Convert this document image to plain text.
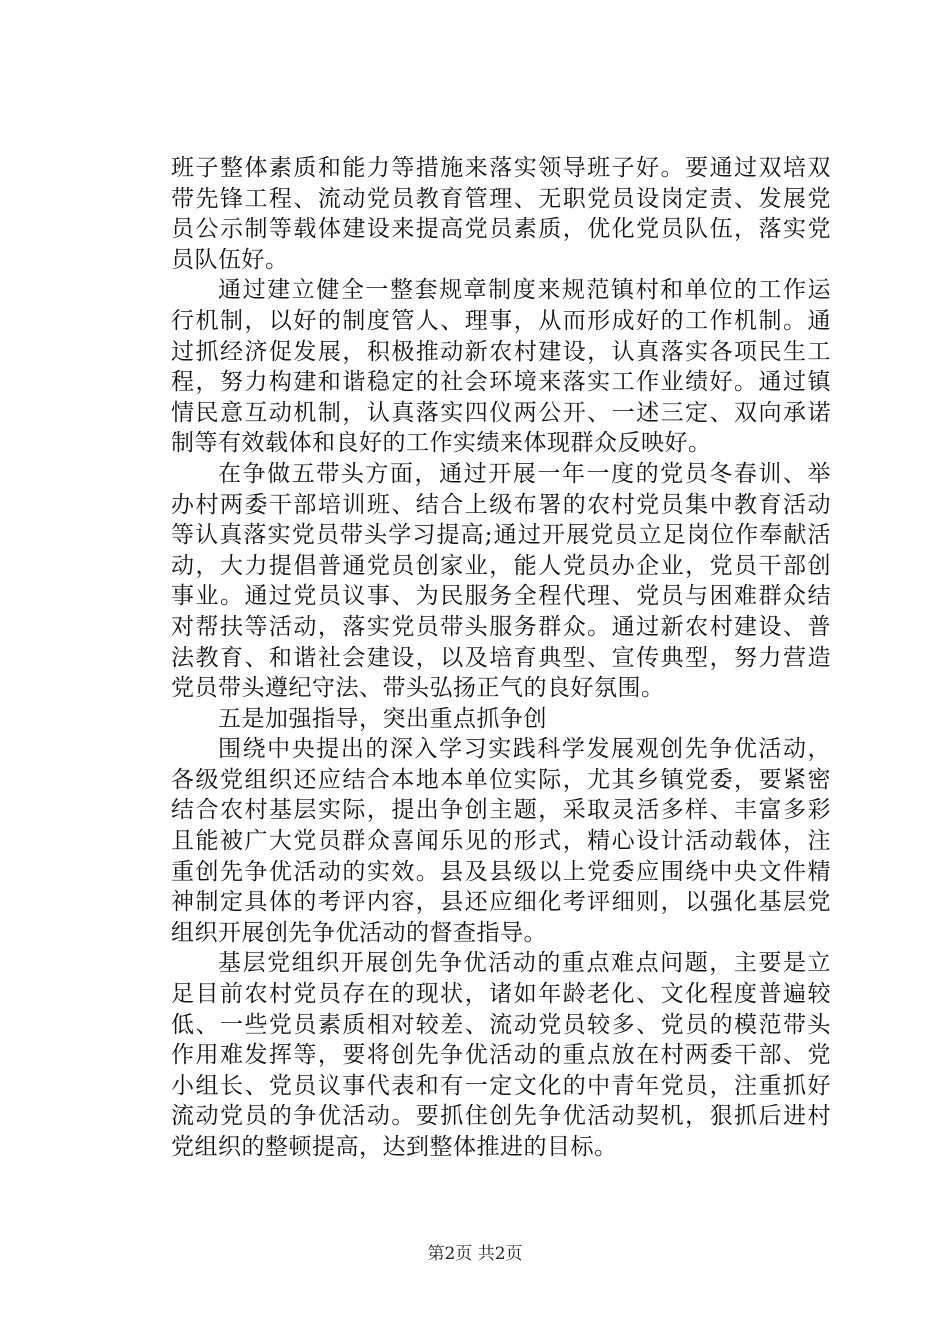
班子整体素质和能力等措施来落实领导班子好。要通过双培双
带先锋工程、流动党员教育管理、无职党员设岗定责、发展党
员公示制等载体建设来提高党员素质，优化党员队伍，落实党
员队伍好。
通过建立健全一整套规章制度来规范镇村和单位的工作运
行机制，以好的制度管人、理事，从而形成好的工作机制。通
过抓经济促发展，积极推动新农村建设，认真落实各项民生工
程，努力构建和谐稳定的社会环境来落实工作业绩好。通过镇
情民意互动机制，认真落实四仪两公开、一述三定、双向承诺
制等有效载体和良好的工作实绩来体现群众反映好。
在争做五带头方面，通过开展一年一度的党员冬春训、举
办村两委干部培训班、结合上级布署的农村党员集中教育活动
等认真落实党员带头学习提高;通过开展党员立足岗位作奉献活
动，大力提倡普通党员创家业，能人党员办企业，党员干部创
事业。通过党员议事、为民服务全程代理、党员与困难群众结
对帮扶等活动，落实党员带头服务群众。通过新农村建设、普
法教育、和谐社会建设，以及培育典型、宣传典型，努力营造
党员带头遵纪守法、带头弘扬正气的良好氛围。
五是加强指导，突出重点抓争创
围绕中央提出的深入学习实践科学发展观创先争优活动，
各级党组织还应结合本地本单位实际，尤其乡镇党委，要紧密
结合农村基层实际，提出争创主题，采取灵活多样、丰富多彩
且能被广大党员群众喜闻乐见的形式，精心设计活动载体，注
重创先争优活动的实效。县及县级以上党委应围绕中央文件精
神制定具体的考评内容，县还应细化考评细则，以强化基层党
组织开展创先争优活动的督查指导。
基层党组织开展创先争优活动的重点难点问题，主要是立
足目前农村党员存在的现状，诸如年龄老化、文化程度普遍较
低、一些党员素质相对较差、流动党员较多、党员的模范带头
作用难发挥等，要将创先争优活动的重点放在村两委干部、党
小组长、党员议事代表和有一定文化的中青年党员，注重抓好
流动党员的争优活动。要抓住创先争优活动契机，狠抓后进村
党组织的整顿提高，达到整体推进的目标。
第2页 共2页
